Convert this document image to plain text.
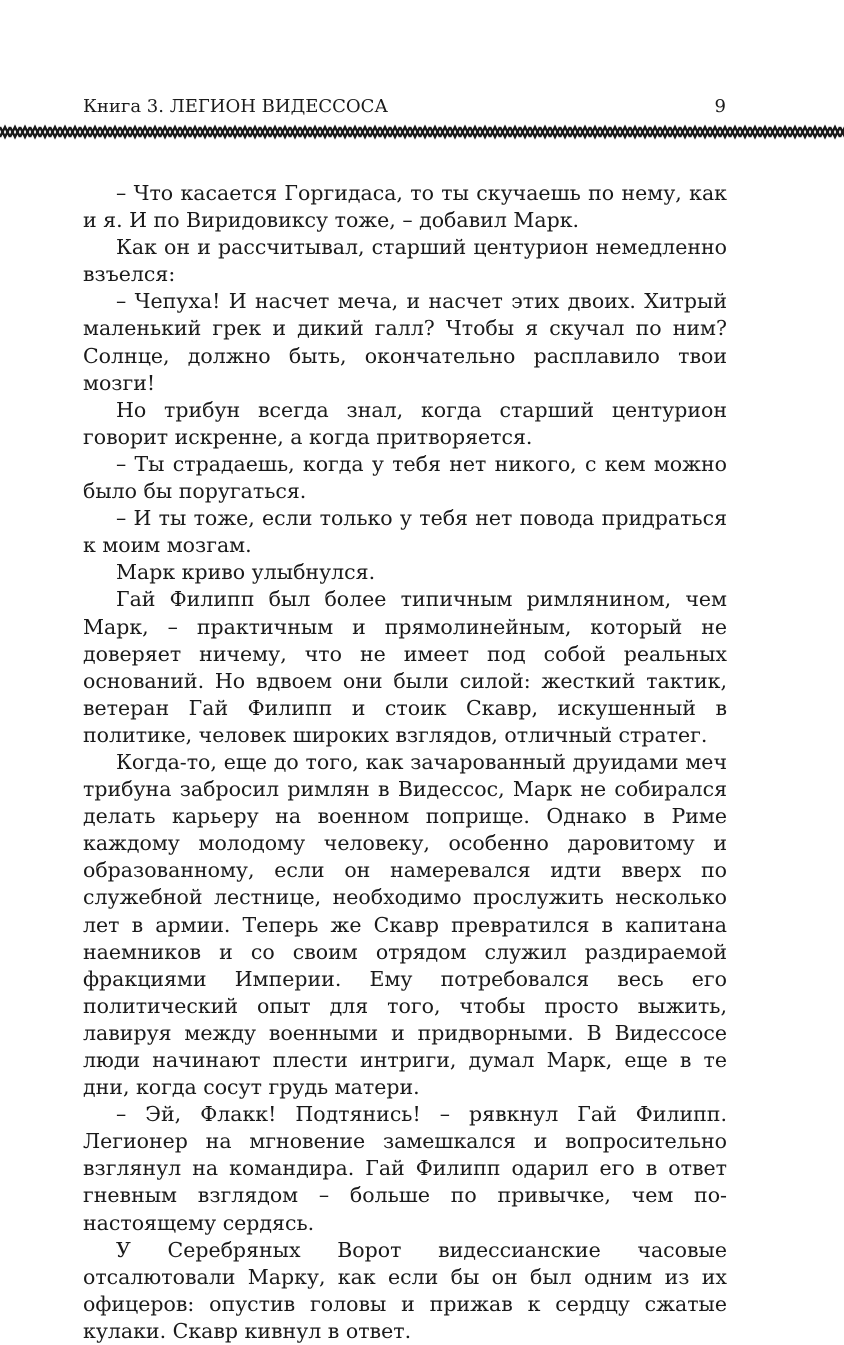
Книга 3. ЛЕГИОН ВИДЕССОСА	9

– Что касается Горгидаса, то ты скучаешь по нему, как и я. И по Виридовиксу тоже, – добавил Марк.

Как он и рассчитывал, старший центурион немедленно взъелся:

– Чепуха! И насчет меча, и насчет этих двоих. Хитрый маленький грек и дикий галл? Чтобы я скучал по ним? Солнце, должно быть, окончательно расплавило твои мозги!

Но трибун всегда знал, когда старший центурион говорит искренне, а когда притворяется.

– Ты страдаешь, когда у тебя нет никого, с кем можно было бы поругаться.

– И ты тоже, если только у тебя нет повода придраться к моим мозгам.

Марк криво улыбнулся.

Гай Филипп был более типичным римлянином, чем Марк, – практичным и прямолинейным, который не доверяет ничему, что не имеет под собой реальных оснований. Но вдвоем они были силой: жесткий тактик, ветеран Гай Филипп и стоик Скавр, искушенный в политике, человек широких взглядов, отличный стратег.

Когда-то, еще до того, как зачарованный друидами меч трибуна забросил римлян в Видессос, Марк не собирался делать карьеру на военном поприще. Однако в Риме каждому молодому человеку, особенно даровитому и образованному, если он намеревался идти вверх по служебной лестнице, необходимо прослужить несколько лет в армии. Теперь же Скавр превратился в капитана наемников и со своим отрядом служил раздираемой фракциями Империи. Ему потребовался весь его политический опыт для того, чтобы просто выжить, лавируя между военными и придворными. В Видессосе люди начинают плести интриги, думал Марк, еще в те дни, когда сосут грудь матери.

– Эй, Флакк! Подтянись! – рявкнул Гай Филипп. Легионер на мгновение замешкался и вопросительно взглянул на командира. Гай Филипп одарил его в ответ гневным взглядом – больше по привычке, чем по-настоящему сердясь.

У Серебряных Ворот видессианские часовые отсалютовали Марку, как если бы он был одним из их офицеров: опустив головы и прижав к сердцу сжатые кулаки. Скавр кивнул в ответ.
